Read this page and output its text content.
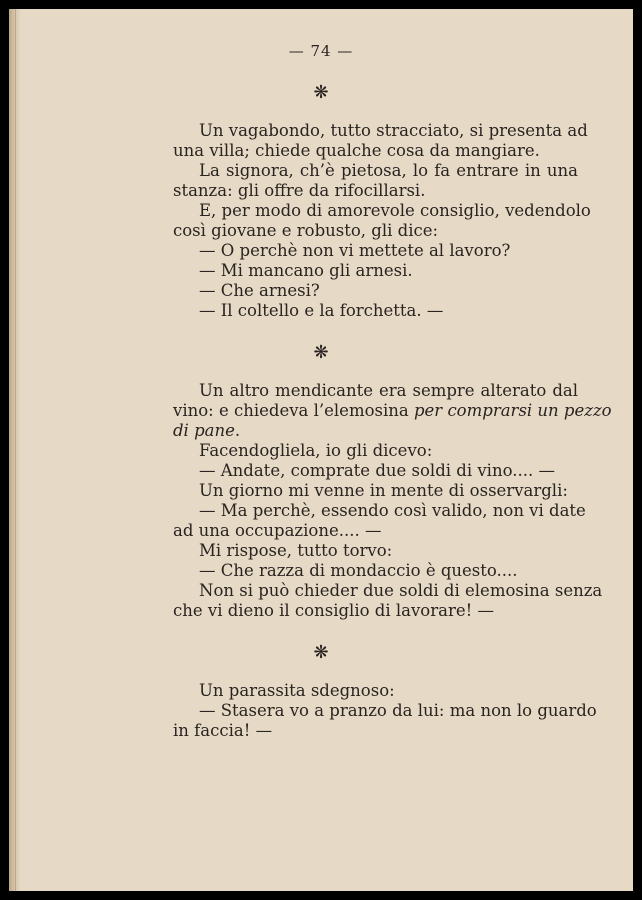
— 74 —
❋
Un vagabondo, tutto stracciato, si presenta ad
una villa; chiede qualche cosa da mangiare.
La signora, ch’è pietosa, lo fa entrare in una
stanza: gli offre da rifocillarsi.
E, per modo di amorevole consiglio, vedendolo
così giovane e robusto, gli dice:
— O perchè non vi mettete al lavoro?
— Mi mancano gli arnesi.
— Che arnesi?
— Il coltello e la forchetta. —
❋
Un altro mendicante era sempre alterato dal
vino: e chiedeva l’elemosina per comprarsi un pezzo
di pane.
Facendogliela, io gli dicevo:
— Andate, comprate due soldi di vino.... —
Un giorno mi venne in mente di osservargli:
— Ma perchè, essendo così valido, non vi date
ad una occupazione.... —
Mi rispose, tutto torvo:
— Che razza di mondaccio è questo....
Non si può chieder due soldi di elemosina senza
che vi dieno il consiglio di lavorare! —
❋
Un parassita sdegnoso:
— Stasera vo a pranzo da lui: ma non lo guardo
in faccia! —
